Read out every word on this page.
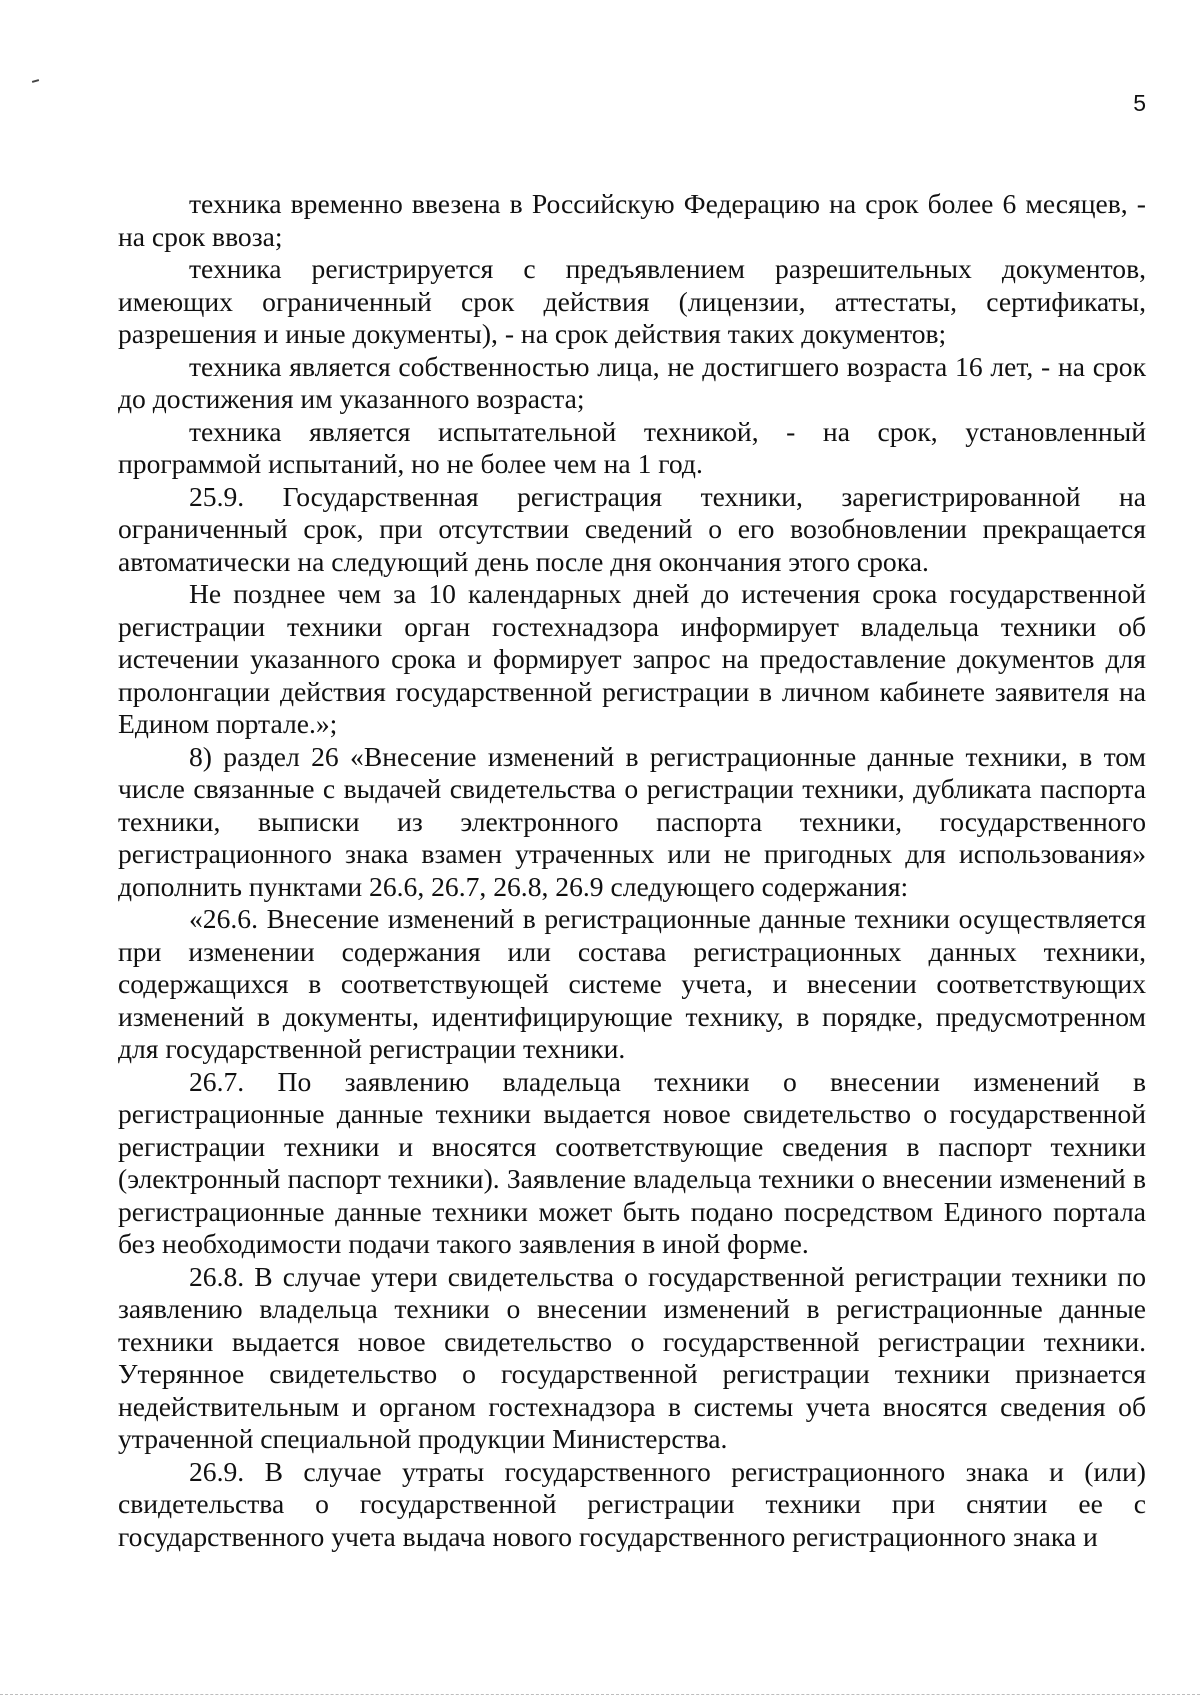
5

техника временно ввезена в Российскую Федерацию на срок более 6 месяцев, - на срок ввоза;

техника регистрируется с предъявлением разрешительных документов, имеющих ограниченный срок действия (лицензии, аттестаты, сертификаты, разрешения и иные документы), - на срок действия таких документов;

техника является собственностью лица, не достигшего возраста 16 лет, - на срок до достижения им указанного возраста;

техника является испытательной техникой, - на срок, установленный программой испытаний, но не более чем на 1 год.

25.9. Государственная регистрация техники, зарегистрированной на ограниченный срок, при отсутствии сведений о его возобновлении прекращается автоматически на следующий день после дня окончания этого срока.

Не позднее чем за 10 календарных дней до истечения срока государственной регистрации техники орган гостехнадзора информирует владельца техники об истечении указанного срока и формирует запрос на предоставление документов для пролонгации действия государственной регистрации в личном кабинете заявителя на Едином портале.»;

8) раздел 26 «Внесение изменений в регистрационные данные техники, в том числе связанные с выдачей свидетельства о регистрации техники, дубликата паспорта техники, выписки из электронного паспорта техники, государственного регистрационного знака взамен утраченных или не пригодных для использования» дополнить пунктами 26.6, 26.7, 26.8, 26.9 следующего содержания:

«26.6. Внесение изменений в регистрационные данные техники осуществляется при изменении содержания или состава регистрационных данных техники, содержащихся в соответствующей системе учета, и внесении соответствующих изменений в документы, идентифицирующие технику, в порядке, предусмотренном для государственной регистрации техники.

26.7. По заявлению владельца техники о внесении изменений в регистрационные данные техники выдается новое свидетельство о государственной регистрации техники и вносятся соответствующие сведения в паспорт техники (электронный паспорт техники). Заявление владельца техники о внесении изменений в регистрационные данные техники может быть подано посредством Единого портала без необходимости подачи такого заявления в иной форме.

26.8. В случае утери свидетельства о государственной регистрации техники по заявлению владельца техники о внесении изменений в регистрационные данные техники выдается новое свидетельство о государственной регистрации техники. Утерянное свидетельство о государственной регистрации техники признается недействительным и органом гостехнадзора в системы учета вносятся сведения об утраченной специальной продукции Министерства.

26.9. В случае утраты государственного регистрационного знака и (или) свидетельства о государственной регистрации техники при снятии ее с государственного учета выдача нового государственного регистрационного знака и
